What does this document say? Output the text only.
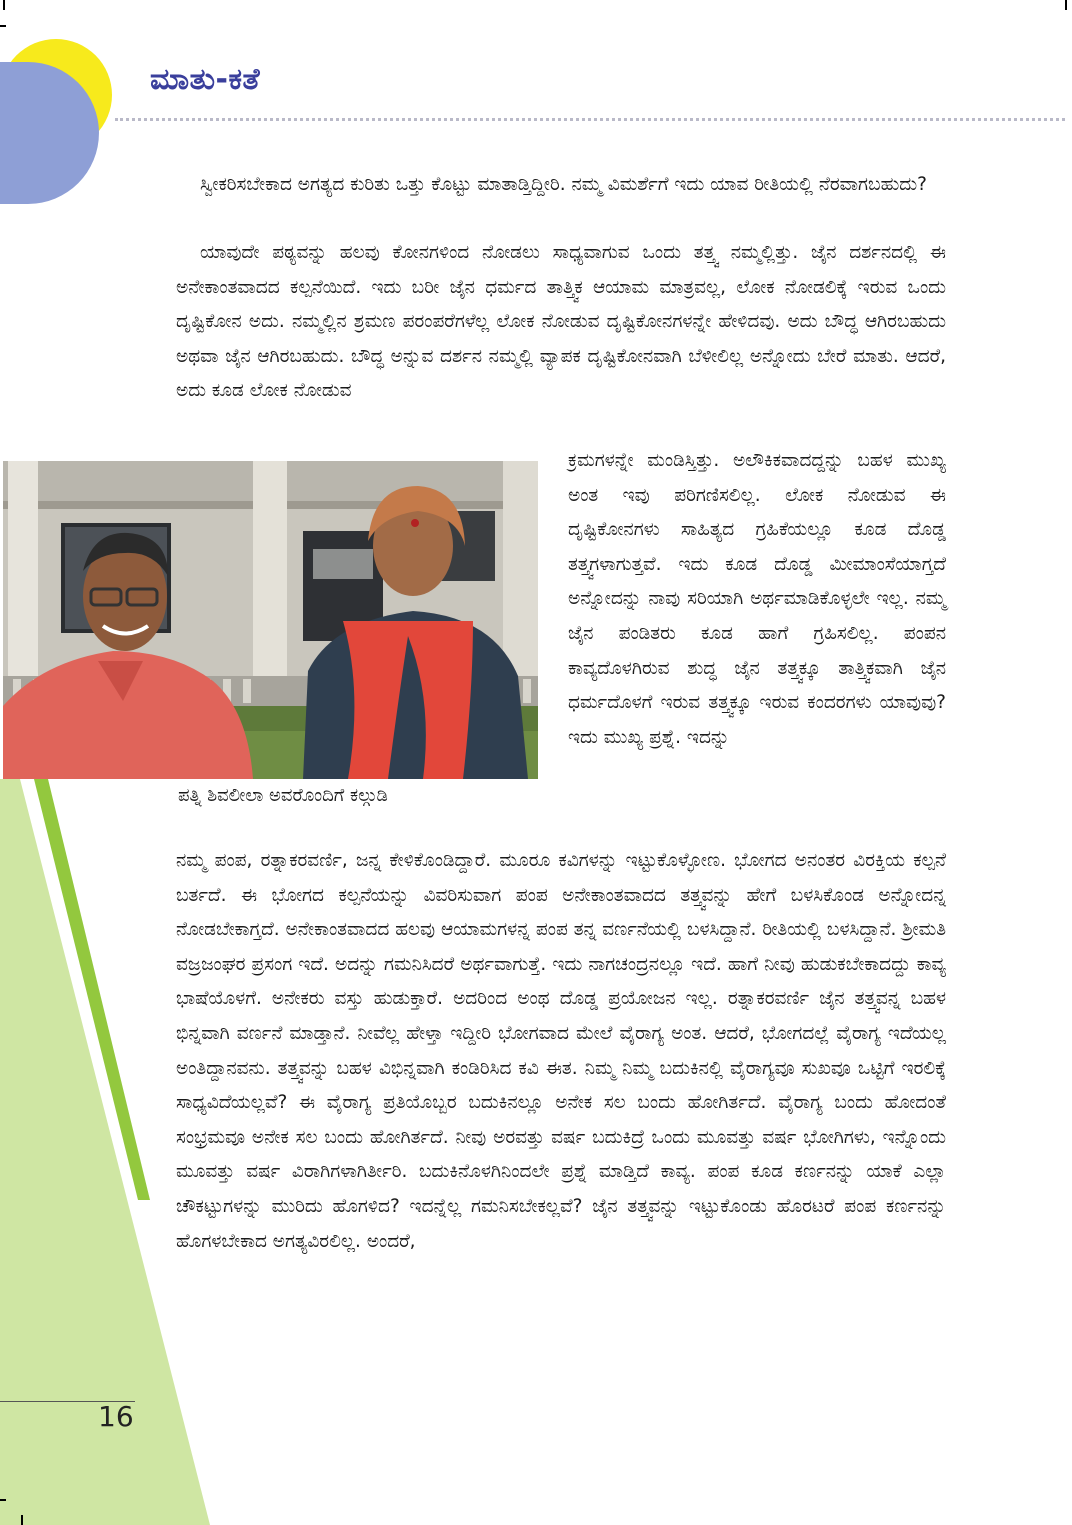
ಮಾತು-ಕತೆ

ಸ್ವೀಕರಿಸಬೇಕಾದ ಅಗತ್ಯದ ಕುರಿತು ಒತ್ತು ಕೊಟ್ಟು ಮಾತಾಡ್ತಿದ್ದೀರಿ. ನಮ್ಮ ವಿಮರ್ಶೆಗೆ ಇದು ಯಾವ ರೀತಿಯಲ್ಲಿ ನೆರವಾಗಬಹುದು?

ಯಾವುದೇ ಪಠ್ಯವನ್ನು ಹಲವು ಕೋನಗಳಿಂದ ನೋಡಲು ಸಾಧ್ಯವಾಗುವ ಒಂದು ತತ್ತ್ವ ನಮ್ಮಲ್ಲಿತ್ತು. ಜೈನ ದರ್ಶನದಲ್ಲಿ ಈ ಅನೇಕಾಂತವಾದದ ಕಲ್ಪನೆಯಿದೆ. ಇದು ಬರೀ ಜೈನ ಧರ್ಮದ ತಾತ್ತ್ವಿಕ ಆಯಾಮ ಮಾತ್ರವಲ್ಲ, ಲೋಕ ನೋಡಲಿಕ್ಕೆ ಇರುವ ಒಂದು ದೃಷ್ಟಿಕೋನ ಅದು. ನಮ್ಮಲ್ಲಿನ ಶ್ರಮಣ ಪರಂಪರೆಗಳೆಲ್ಲ ಲೋಕ ನೋಡುವ ದೃಷ್ಟಿಕೋನಗಳನ್ನೇ ಹೇಳಿದವು. ಅದು ಬೌದ್ಧ ಆಗಿರಬಹುದು ಅಥವಾ ಜೈನ ಆಗಿರಬಹುದು. ಬೌದ್ಧ ಅನ್ನುವ ದರ್ಶನ ನಮ್ಮಲ್ಲಿ ವ್ಯಾಪಕ ದೃಷ್ಟಿಕೋನವಾಗಿ ಬೆಳೀಲಿಲ್ಲ ಅನ್ನೋದು ಬೇರೆ ಮಾತು. ಆದರೆ, ಅದು ಕೂಡ ಲೋಕ ನೋಡುವ

ಪತ್ನಿ ಶಿವಲೀಲಾ ಅವರೊಂದಿಗೆ ಕಲ್ಗುಡಿ

ಕ್ರಮಗಳನ್ನೇ ಮಂಡಿಸ್ತಿತ್ತು. ಅಲೌಕಿಕವಾದದ್ದನ್ನು ಬಹಳ ಮುಖ್ಯ ಅಂತ ಇವು ಪರಿಗಣಿಸಲಿಲ್ಲ. ಲೋಕ ನೋಡುವ ಈ ದೃಷ್ಟಿಕೋನಗಳು ಸಾಹಿತ್ಯದ ಗ್ರಹಿಕೆಯಲ್ಲೂ ಕೂಡ ದೊಡ್ಡ ತತ್ತ್ವಗಳಾಗುತ್ತವೆ. ಇದು ಕೂಡ ದೊಡ್ಡ ಮೀಮಾಂಸೆಯಾಗ್ತದೆ ಅನ್ನೋದನ್ನು ನಾವು ಸರಿಯಾಗಿ ಅರ್ಥಮಾಡಿಕೊಳ್ಳಲೇ ಇಲ್ಲ. ನಮ್ಮ ಜೈನ ಪಂಡಿತರು ಕೂಡ ಹಾಗೆ ಗ್ರಹಿಸಲಿಲ್ಲ. ಪಂಪನ ಕಾವ್ಯದೊಳಗಿರುವ ಶುದ್ಧ ಜೈನ ತತ್ತ್ವಕ್ಕೂ ತಾತ್ತ್ವಿಕವಾಗಿ ಜೈನ ಧರ್ಮದೊಳಗೆ ಇರುವ ತತ್ತ್ವಕ್ಕೂ ಇರುವ ಕಂದರಗಳು ಯಾವುವು? ಇದು ಮುಖ್ಯ ಪ್ರಶ್ನೆ. ಇದನ್ನು

ನಮ್ಮ ಪಂಪ, ರತ್ನಾಕರವರ್ಣಿ, ಜನ್ನ ಕೇಳಿಕೊಂಡಿದ್ದಾರೆ. ಮೂರೂ ಕವಿಗಳನ್ನು ಇಟ್ಟುಕೊಳ್ಳೋಣ. ಭೋಗದ ಅನಂತರ ವಿರಕ್ತಿಯ ಕಲ್ಪನೆ ಬರ್ತದೆ. ಈ ಭೋಗದ ಕಲ್ಪನೆಯನ್ನು ವಿವರಿಸುವಾಗ ಪಂಪ ಅನೇಕಾಂತವಾದದ ತತ್ತ್ವವನ್ನು ಹೇಗೆ ಬಳಸಿಕೊಂಡ ಅನ್ನೋದನ್ನ ನೋಡಬೇಕಾಗ್ತದೆ. ಅನೇಕಾಂತವಾದದ ಹಲವು ಆಯಾಮಗಳನ್ನ ಪಂಪ ತನ್ನ ವರ್ಣನೆಯಲ್ಲಿ ಬಳಸಿದ್ದಾನೆ. ರೀತಿಯಲ್ಲಿ ಬಳಸಿದ್ದಾನೆ. ಶ್ರೀಮತಿ ವಜ್ರಜಂಘರ ಪ್ರಸಂಗ ಇದೆ. ಅದನ್ನು ಗಮನಿಸಿದರೆ ಅರ್ಥವಾಗುತ್ತೆ. ಇದು ನಾಗಚಂದ್ರನಲ್ಲೂ ಇದೆ. ಹಾಗೆ ನೀವು ಹುಡುಕಬೇಕಾದದ್ದು ಕಾವ್ಯ ಭಾಷೆಯೊಳಗೆ. ಅನೇಕರು ವಸ್ತು ಹುಡುಕ್ತಾರೆ. ಅದರಿಂದ ಅಂಥ ದೊಡ್ಡ ಪ್ರಯೋಜನ ಇಲ್ಲ. ರತ್ನಾಕರವರ್ಣಿ ಜೈನ ತತ್ತ್ವವನ್ನ ಬಹಳ ಭಿನ್ನವಾಗಿ ವರ್ಣನೆ ಮಾಡ್ತಾನೆ. ನೀವೆಲ್ಲ ಹೇಳ್ತಾ ಇದ್ದೀರಿ ಭೋಗವಾದ ಮೇಲೆ ವೈರಾಗ್ಯ ಅಂತ. ಆದರೆ, ಭೋಗದಲ್ಲೆ ವೈರಾಗ್ಯ ಇದೆಯಲ್ಲ ಅಂತಿದ್ದಾನವನು. ತತ್ತ್ವವನ್ನು ಬಹಳ ವಿಭಿನ್ನವಾಗಿ ಕಂಡಿರಿಸಿದ ಕವಿ ಈತ. ನಿಮ್ಮ ನಿಮ್ಮ ಬದುಕಿನಲ್ಲಿ ವೈರಾಗ್ಯವೂ ಸುಖವೂ ಒಟ್ಟಿಗೆ ಇರಲಿಕ್ಕೆ ಸಾಧ್ಯವಿದೆಯಲ್ಲವೆ? ಈ ವೈರಾಗ್ಯ ಪ್ರತಿಯೊಬ್ಬರ ಬದುಕಿನಲ್ಲೂ ಅನೇಕ ಸಲ ಬಂದು ಹೋಗಿರ್ತದೆ. ವೈರಾಗ್ಯ ಬಂದು ಹೋದಂತೆ ಸಂಭ್ರಮವೂ ಅನೇಕ ಸಲ ಬಂದು ಹೋಗಿರ್ತದೆ. ನೀವು ಅರವತ್ತು ವರ್ಷ ಬದುಕಿದ್ರೆ ಒಂದು ಮೂವತ್ತು ವರ್ಷ ಭೋಗಿಗಳು, ಇನ್ನೊಂದು ಮೂವತ್ತು ವರ್ಷ ವಿರಾಗಿಗಳಾಗಿರ್ತೀರಿ. ಬದುಕಿನೊಳಗಿನಿಂದಲೇ ಪ್ರಶ್ನೆ ಮಾಡ್ತಿದೆ ಕಾವ್ಯ. ಪಂಪ ಕೂಡ ಕರ್ಣನನ್ನು ಯಾಕೆ ಎಲ್ಲಾ ಚೌಕಟ್ಟುಗಳನ್ನು ಮುರಿದು ಹೊಗಳಿದ? ಇದನ್ನೆಲ್ಲ ಗಮನಿಸಬೇಕಲ್ಲವೆ? ಜೈನ ತತ್ತ್ವವನ್ನು ಇಟ್ಟುಕೊಂಡು ಹೊರಟರೆ ಪಂಪ ಕರ್ಣನನ್ನು ಹೊಗಳಬೇಕಾದ ಅಗತ್ಯವಿರಲಿಲ್ಲ. ಅಂದರೆ,

16
